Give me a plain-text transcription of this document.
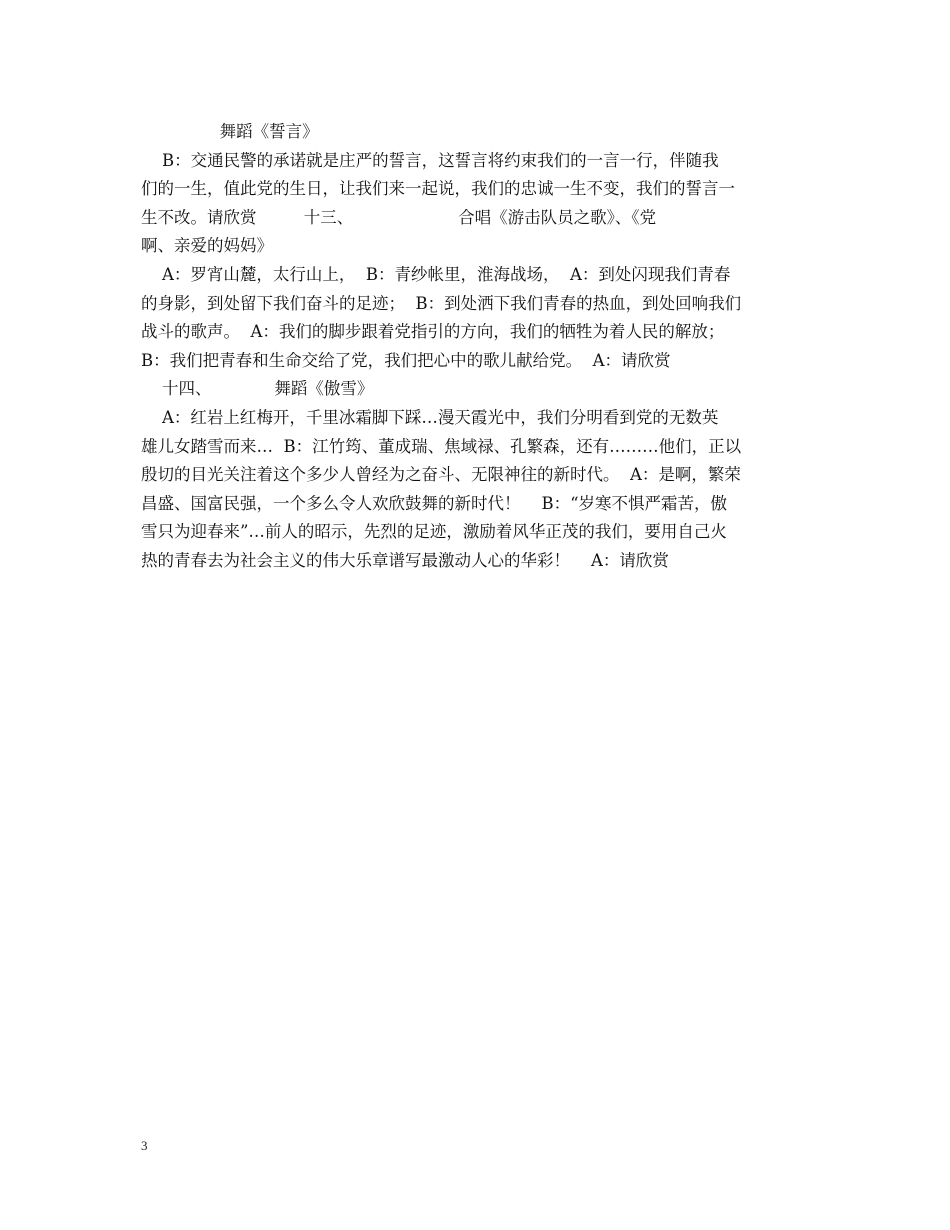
舞蹈《誓言》
B：交通民警的承诺就是庄严的誓言，这誓言将约束我们的一言一行，伴随我
们的一生，值此党的生日，让我们来一起说，我们的忠诚一生不变，我们的誓言一
生不改。请欣赏         十三、                    合唱《游击队员之歌》、《党
啊、亲爱的妈妈》
A：罗宵山麓，太行山上，  B：青纱帐里，淮海战场，  A：到处闪现我们青春
的身影，到处留下我们奋斗的足迹；  B：到处洒下我们青春的热血，到处回响我们
战斗的歌声。  A：我们的脚步跟着党指引的方向，我们的牺牲为着人民的解放；
B：我们把青春和生命交给了党，我们把心中的歌儿献给党。  A：请欣赏
十四、            舞蹈《傲雪》
A：红岩上红梅开，千里冰霜脚下踩…漫天霞光中，我们分明看到党的无数英
雄儿女踏雪而来…  B：江竹筠、董成瑞、焦域禄、孔繁森，还有………他们，正以
殷切的目光关注着这个多少人曾经为之奋斗、无限神往的新时代。  A：是啊，繁荣
昌盛、国富民强，一个多么令人欢欣鼓舞的新时代！    B：“岁寒不惧严霜苦，傲
雪只为迎春来”…前人的昭示，先烈的足迹，激励着风华正茂的我们，要用自己火
热的青春去为社会主义的伟大乐章谱写最激动人心的华彩！    A：请欣赏
3
